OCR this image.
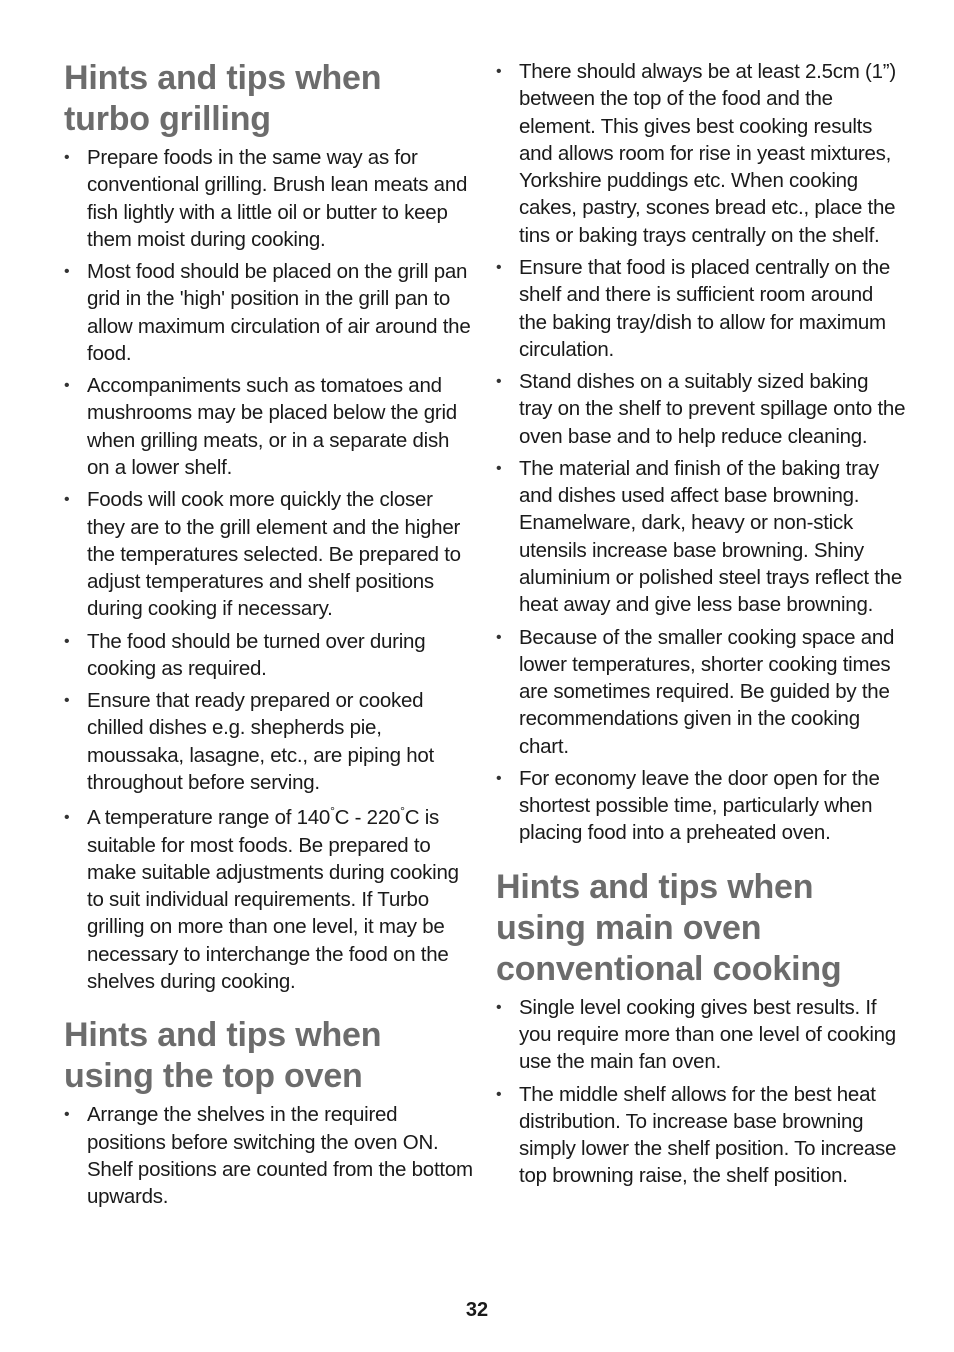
Hints and tips when turbo grilling
• Prepare foods in the same way as for conventional grilling. Brush lean meats and fish lightly with a little oil or butter to keep them moist during cooking.
• Most food should be placed on the grill pan grid in the 'high' position in the grill pan to allow maximum circulation of air around the food.
• Accompaniments such as tomatoes and mushrooms may be placed below the grid when grilling meats, or in a separate dish on a lower shelf.
• Foods will cook more quickly the closer they are to the grill element and the higher the temperatures selected. Be prepared to adjust temperatures and shelf positions during cooking if necessary.
• The food should be turned over during cooking as required.
• Ensure that ready prepared or cooked chilled dishes e.g. shepherds pie, moussaka, lasagne, etc., are piping hot throughout before serving.
• A temperature range of 140°C - 220°C is suitable for most foods. Be prepared to make suitable adjustments during cooking to suit individual requirements. If Turbo grilling on more than one level, it may be necessary to interchange the food on the shelves during cooking.
Hints and tips when using the top oven
• Arrange the shelves in the required positions before switching the oven ON. Shelf positions are counted from the bottom upwards.
• There should always be at least 2.5cm (1”) between the top of the food and the element. This gives best cooking results and allows room for rise in yeast mixtures, Yorkshire puddings etc. When cooking cakes, pastry, scones bread etc., place the tins or baking trays centrally on the shelf.
• Ensure that food is placed centrally on the shelf and there is sufficient room around the baking tray/dish to allow for maximum circulation.
• Stand dishes on a suitably sized baking tray on the shelf to prevent spillage onto the oven base and to help reduce cleaning.
• The material and finish of the baking tray and dishes used affect base browning. Enamelware, dark, heavy or non-stick utensils increase base browning. Shiny aluminium or polished steel trays reflect the heat away and give less base browning.
• Because of the smaller cooking space and lower temperatures, shorter cooking times are sometimes required. Be guided by the recommendations given in the cooking chart.
• For economy leave the door open for the shortest possible time, particularly when placing food into a preheated oven.
Hints and tips when using main oven conventional cooking
• Single level cooking gives best results. If you require more than one level of cooking use the main fan oven.
• The middle shelf allows for the best heat distribution. To increase base browning simply lower the shelf position. To increase top browning raise, the shelf position.
32
